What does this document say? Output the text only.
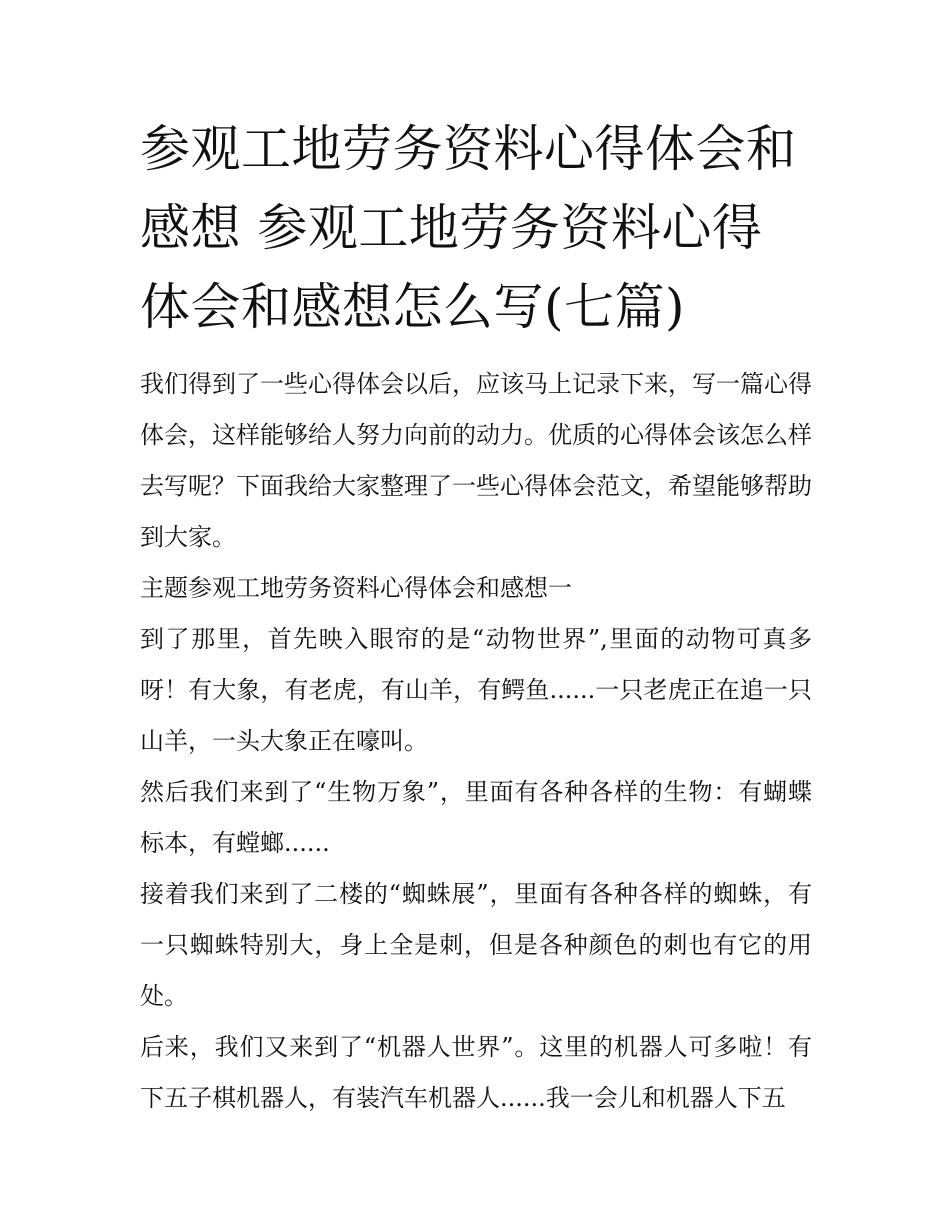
参观工地劳务资料心得体会和感想 参观工地劳务资料心得体会和感想怎么写(七篇)

我们得到了一些心得体会以后，应该马上记录下来，写一篇心得体会，这样能够给人努力向前的动力。优质的心得体会该怎么样去写呢？下面我给大家整理了一些心得体会范文，希望能够帮助到大家。

主题参观工地劳务资料心得体会和感想一

到了那里，首先映入眼帘的是“动物世界”,里面的动物可真多呀！有大象，有老虎，有山羊，有鳄鱼......一只老虎正在追一只山羊，一头大象正在嚎叫。

然后我们来到了“生物万象”，里面有各种各样的生物：有蝴蝶标本，有螳螂......

接着我们来到了二楼的“蜘蛛展”，里面有各种各样的蜘蛛，有一只蜘蛛特别大，身上全是刺，但是各种颜色的刺也有它的用处。

后来，我们又来到了“机器人世界”。这里的机器人可多啦！有下五子棋机器人，有装汽车机器人......我一会儿和机器人下五
